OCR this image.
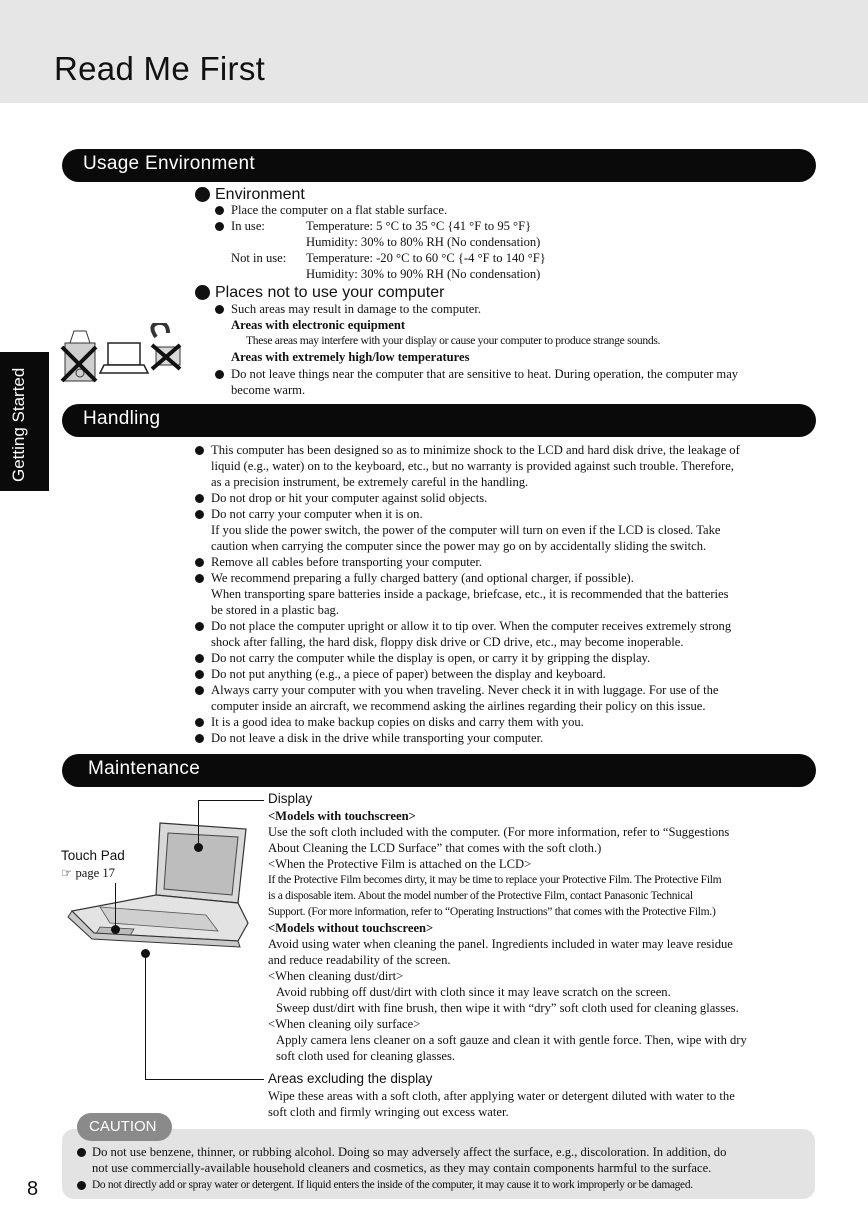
Read Me First
Getting Started
Usage Environment
Environment
Place the computer on a flat stable surface.
In use:	Temperature: 5 °C to 35 °C {41 °F to 95 °F}
Humidity: 30% to 80% RH (No condensation)
Not in use: Temperature: -20 °C to 60 °C {-4 °F to 140 °F}
Humidity: 30% to 90% RH (No condensation)
Places not to use your computer
Such areas may result in damage to the computer.
Areas with electronic equipment
These areas may interfere with your display or cause your computer to produce strange sounds.
Areas with extremely high/low temperatures
Do not leave things near the computer that are sensitive to heat. During operation, the computer may
become warm.
Handling
This computer has been designed so as to minimize shock to the LCD and hard disk drive, the leakage of
liquid (e.g., water) on to the keyboard, etc., but no warranty is provided against such trouble. Therefore,
as a precision instrument, be extremely careful in the handling.
Do not drop or hit your computer against solid objects.
Do not carry your computer when it is on.
If you slide the power switch, the power of the computer will turn on even if the LCD is closed. Take
caution when carrying the computer since the power may go on by accidentally sliding the switch.
Remove all cables before transporting your computer.
We recommend preparing a fully charged battery (and optional charger, if possible).
When transporting spare batteries inside a package, briefcase, etc., it is recommended that the batteries
be stored in a plastic bag.
Do not place the computer upright or allow it to tip over. When the computer receives extremely strong
shock after falling, the hard disk, floppy disk drive or CD drive, etc., may become inoperable.
Do not carry the computer while the display is open, or carry it by gripping the display.
Do not put anything (e.g., a piece of paper) between the display and keyboard.
Always carry your computer with you when traveling. Never check it in with luggage. For use of the
computer inside an aircraft, we recommend asking the airlines regarding their policy on this issue.
It is a good idea to make backup copies on disks and carry them with you.
Do not leave a disk in the drive while transporting your computer.
Maintenance
Touch Pad
☞ page 17
Display
<Models with touchscreen>
Use the soft cloth included with the computer. (For more information, refer to “Suggestions
About Cleaning the LCD Surface” that comes with the soft cloth.)
<When the Protective Film is attached on the LCD>
If the Protective Film becomes dirty, it may be time to replace your Protective Film. The Protective Film
is a disposable item. About the model number of the Protective Film, contact Panasonic Technical
Support. (For more information, refer to “Operating Instructions” that comes with the Protective Film.)
<Models without touchscreen>
Avoid using water when cleaning the panel. Ingredients included in water may leave residue
and reduce readability of the screen.
<When cleaning dust/dirt>
Avoid rubbing off dust/dirt with cloth since it may leave scratch on the screen.
Sweep dust/dirt with fine brush, then wipe it with “dry” soft cloth used for cleaning glasses.
<When cleaning oily surface>
Apply camera lens cleaner on a soft gauze and clean it with gentle force. Then, wipe with dry
soft cloth used for cleaning glasses.
Areas excluding the display
Wipe these areas with a soft cloth, after applying water or detergent diluted with water to the
soft cloth and firmly wringing out excess water.
CAUTION
Do not use benzene, thinner, or rubbing alcohol. Doing so may adversely affect the surface, e.g., discoloration. In addition, do
not use commercially-available household cleaners and cosmetics, as they may contain components harmful to the surface.
Do not directly add or spray water or detergent. If liquid enters the inside of the computer, it may cause it to work improperly or be damaged.
8
